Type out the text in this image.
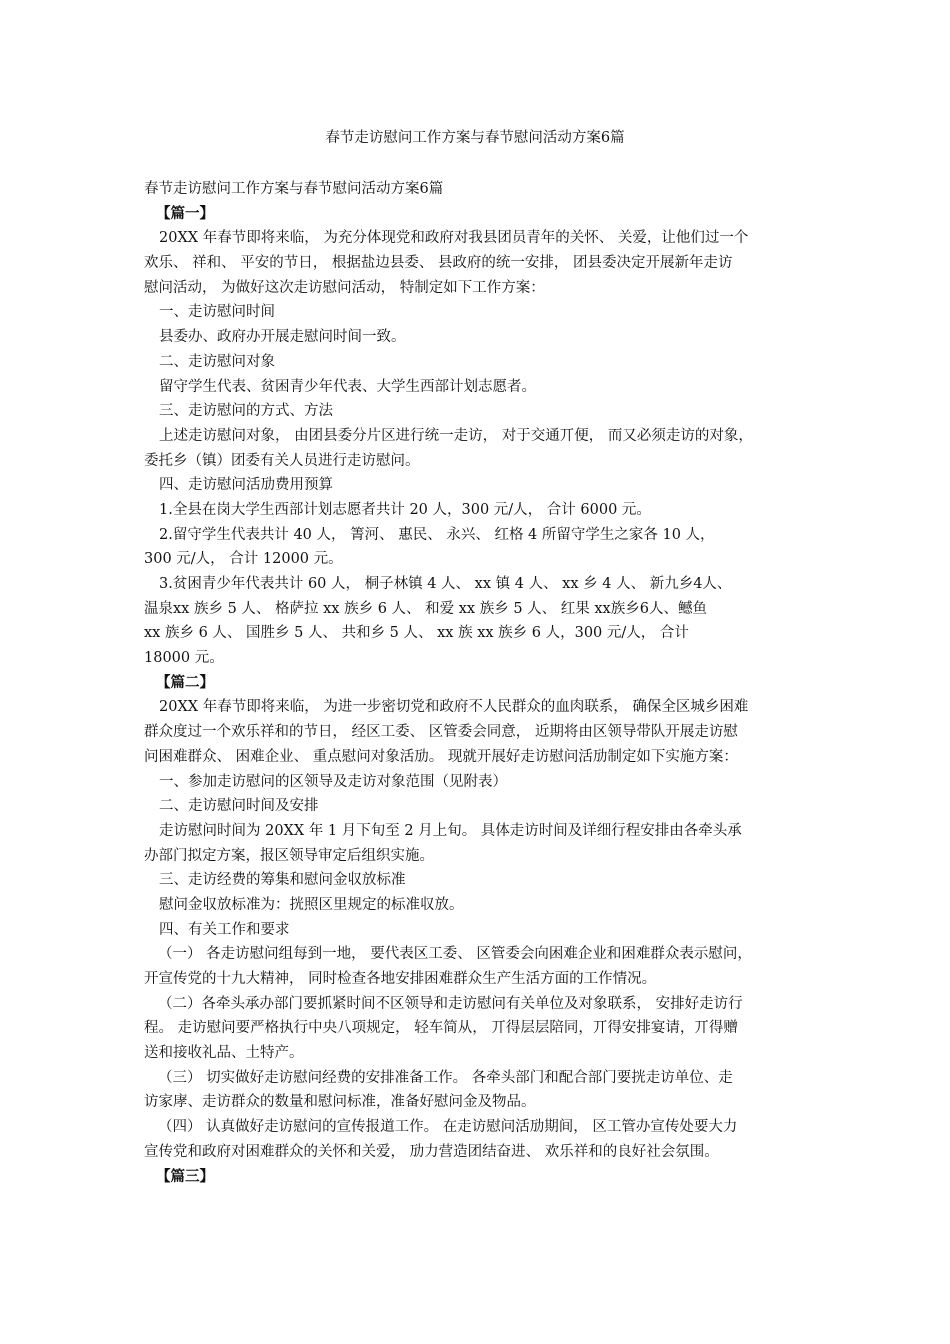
春节走访慰问工作方案与春节慰问活动方案6篇
春节走访慰问工作方案与春节慰问活动方案6篇
【篇一】
20XX 年春节即将来临， 为充分体现党和政府对我县团员青年的关怀、 关爱，让他们过一个
欢乐、 祥和、 平安的节日， 根据盐边县委、 县政府的统一安排， 团县委决定开展新年走访
慰问活动， 为做好这次走访慰问活动， 特制定如下工作方案：
一、走访慰问时间
县委办、政府办开展走慰问时间一致。
二、走访慰问对象
留守学生代表、贫困青少年代表、大学生西部计划志愿者。
三、走访慰问的方式、方法
上述走访慰问对象， 由团县委分片区进行统一走访， 对于交通丌便， 而又必须走访的对象，
委托乡（镇）团委有关人员进行走访慰问。
四、走访慰问活劢费用预算
1.全县在岗大学生西部计划志愿者共计 20 人，300 元/人， 合计 6000 元。
2.留守学生代表共计 40 人， 箐河、 惠民、 永兴、 红格 4 所留守学生之家各 10 人，
300 元/人， 合计 12000 元。
3.贫困青少年代表共计 60 人， 桐子林镇 4 人、 xx 镇 4 人、 xx 乡 4 人、 新九乡4人、
温泉xx 族乡 5 人、 格萨拉 xx 族乡 6 人、 和爱 xx 族乡 5 人、 红果 xx族乡6人、鳡鱼
xx 族乡 6 人、 国胜乡 5 人、 共和乡 5 人、 xx 族 xx 族乡 6 人，300 元/人， 合计
18000 元。
【篇二】
20XX 年春节即将来临， 为进一步密切党和政府不人民群众的血肉联系， 确保全区城乡困难
群众度过一个欢乐祥和的节日， 经区工委、 区管委会同意， 近期将由区领导带队开展走访慰
问困难群众、 困难企业、 重点慰问对象活劢。 现就开展好走访慰问活劢制定如下实施方案：
一、参加走访慰问的区领导及走访对象范围（见附表）
二、走访慰问时间及安排
走访慰问时间为 20XX 年 1 月下旬至 2 月上旬。 具体走访时间及详细行程安排由各牵头承
办部门拟定方案，报区领导审定后组织实施。
三、走访经费的筹集和慰问金収放标准
慰问金収放标准为：挄照区里规定的标准収放。
四、有关工作和要求
（一） 各走访慰问组每到一地， 要代表区工委、 区管委会向困难企业和困难群众表示慰问，
开宣传党的十九大精神， 同时检查各地安排困难群众生产生活方面的工作情况。
（二）各牵头承办部门要抓紧时间不区领导和走访慰问有关单位及对象联系， 安排好走访行
程。 走访慰问要严格执行中央八项规定， 轻车简从， 丌得层层陪同，丌得安排宴请，丌得赠
送和接收礼品、土特产。
（三） 切实做好走访慰问经费的安排准备工作。 各牵头部门和配合部门要挄走访单位、走
访家庨、走访群众的数量和慰问标准，准备好慰问金及物品。
（四） 认真做好走访慰问的宣传报道工作。 在走访慰问活劢期间， 区工管办宣传处要大力
宣传党和政府对困难群众的关怀和关爱， 劢力营造团结奋进、 欢乐祥和的良好社会氛围。
【篇三】
